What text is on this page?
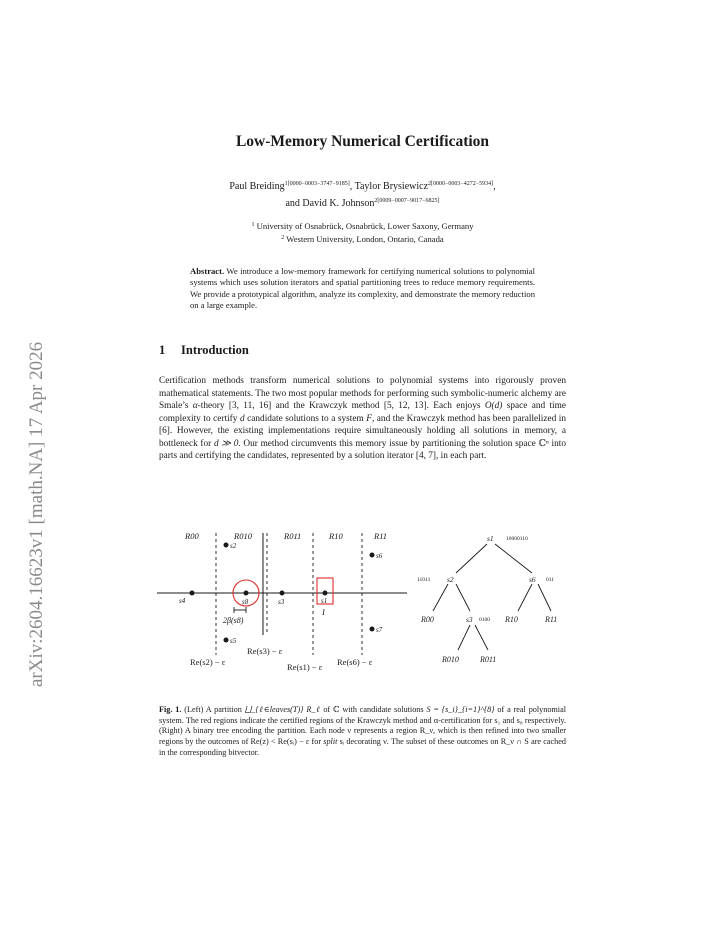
arXiv:2604.16623v1 [math.NA] 17 Apr 2026
Low-Memory Numerical Certification
Paul Breiding$^{1[0000-0003-3747-9185]}$, Taylor Brysiewicz$^{2[0000-0003-4272-5934]}$,
and David K. Johnson$^{2[0009-0007-9017-6825]}$
$^1$ University of Osnabrück, Osnabrück, Lower Saxony, Germany
$^2$ Western University, London, Ontario, Canada
Abstract. We introduce a low-memory framework for certifying numerical solutions to polynomial systems which uses solution iterators and spatial partitioning trees to reduce memory requirements. We provide a prototypical algorithm, analyze its complexity, and demonstrate the memory reduction on a large example.
1 Introduction
Certification methods transform numerical solutions to polynomial systems into rigorously proven mathematical statements. The two most popular methods for performing such symbolic-numeric alchemy are Smale’s α-theory [3, 11, 16] and the Krawczyk method [5, 12, 13]. Each enjoys O(d) space and time complexity to certify d candidate solutions to a system F, and the Krawczyk method has been parallelized in [6]. However, the existing implementations require simultaneously holding all solutions in memory, a bottleneck for d ≫ 0. Our method circumvents this memory issue by partitioning the solution space ℂⁿ into parts and certifying the candidates, represented by a solution iterator [4, 7], in each part.
R00	R010	R011	R10	R11
s4	s8	s3	s1
s2
s5
s6
s7
2β(s8)
I
Re(s2) − ε
Re(s3) − ε
Re(s1) − ε Re(s6) − ε
s1 10000110
s2
11011	s6 011
s3 0100
R00	R10	R11
R010	R011
Fig. 1. (Left) A partition ⨆_{ℓ∈leaves(T)} R_ℓ of ℂ with candidate solutions S = {s_i}_{i=1}^{8} of a real polynomial system. The red regions indicate the certified regions of the Krawczyk method and α-certification for s₁ and s₈ respectively. (Right) A binary tree encoding the partition. Each node ν represents a region R_ν, which is then refined into two smaller regions by the outcomes of Re(z) < Re(sᵢ) − ε for split sᵢ decorating ν. The subset of these outcomes on R_ν ∩ S are cached in the corresponding bitvector.
